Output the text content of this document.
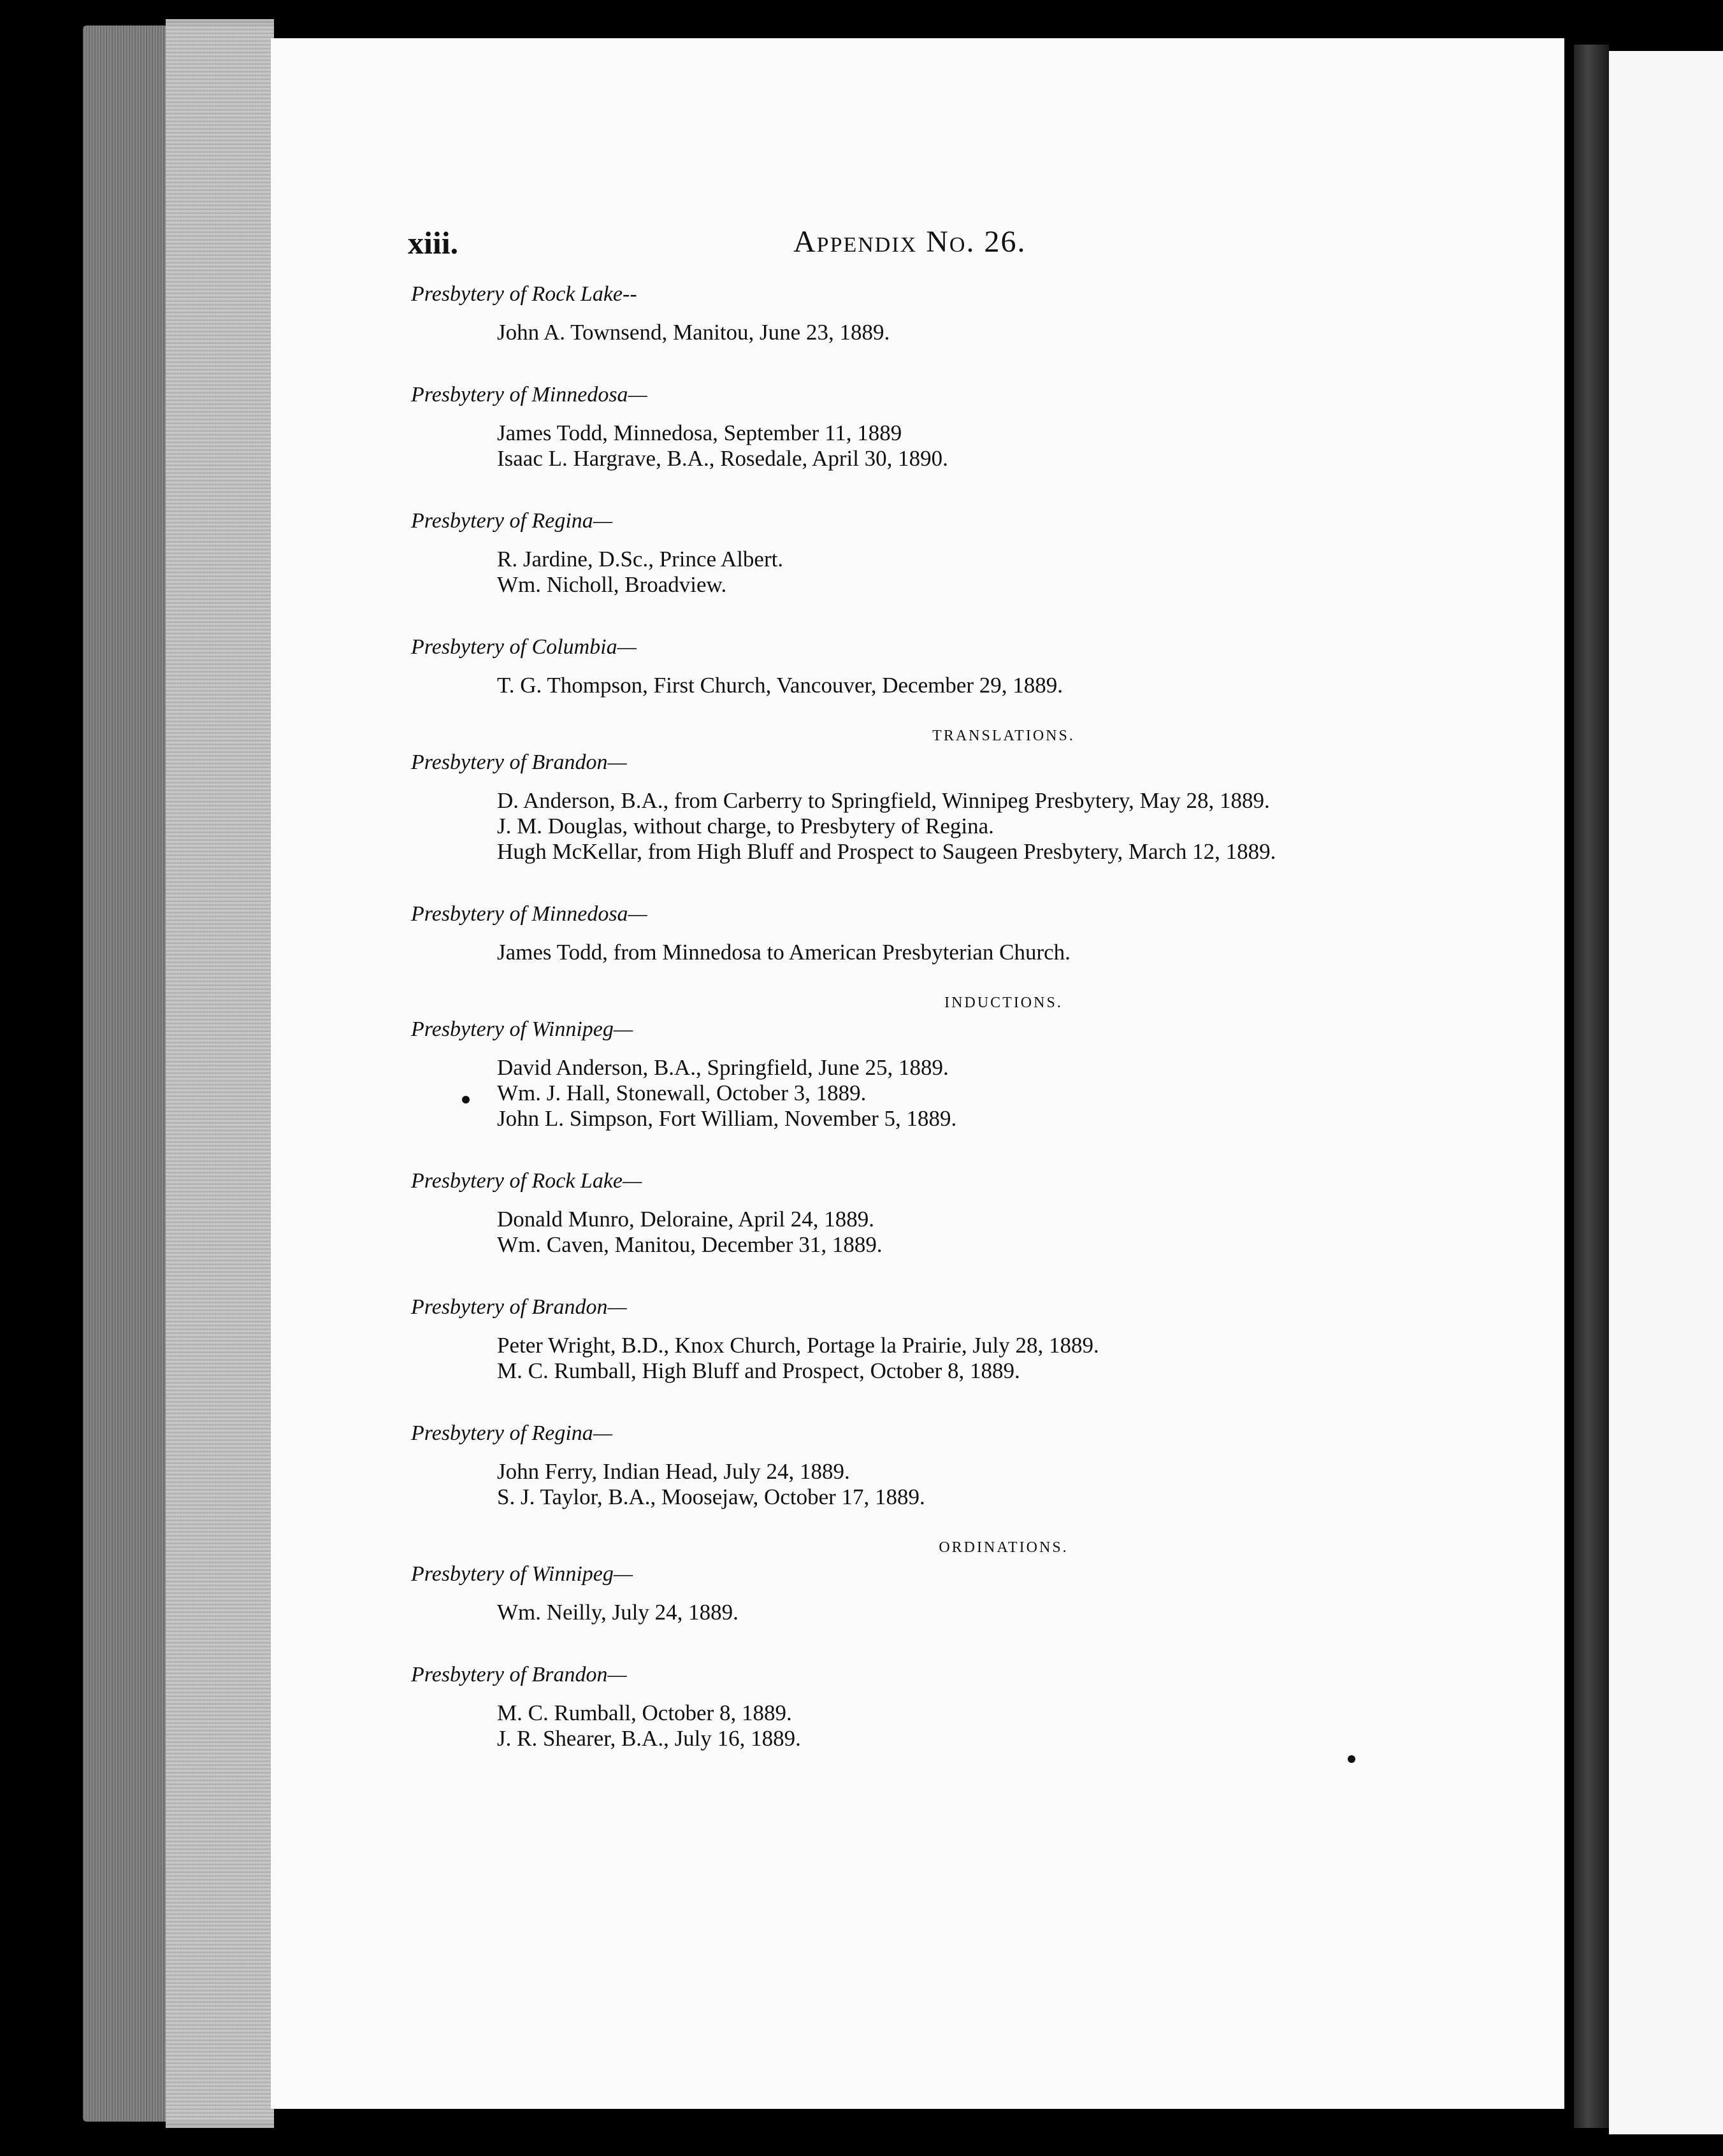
xiii.	Appendix No. 26.
Presbytery of Rock Lake--
John A. Townsend, Manitou, June 23, 1889.
Presbytery of Minnedosa—
James Todd, Minnedosa, September 11, 1889
Isaac L. Hargrave, B.A., Rosedale, April 30, 1890.
Presbytery of Regina—
R. Jardine, D.Sc., Prince Albert.
Wm. Nicholl, Broadview.
Presbytery of Columbia—
T. G. Thompson, First Church, Vancouver, December 29, 1889.
TRANSLATIONS.
Presbytery of Brandon—
D. Anderson, B.A., from Carberry to Springfield, Winnipeg Presbytery, May 28, 1889.
J. M. Douglas, without charge, to Presbytery of Regina.
Hugh McKellar, from High Bluff and Prospect to Saugeen Presbytery, March 12, 1889.
Presbytery of Minnedosa—
James Todd, from Minnedosa to American Presbyterian Church.
INDUCTIONS.
Presbytery of Winnipeg—
David Anderson, B.A., Springfield, June 25, 1889.
Wm. J. Hall, Stonewall, October 3, 1889.
John L. Simpson, Fort William, November 5, 1889.
Presbytery of Rock Lake—
Donald Munro, Deloraine, April 24, 1889.
Wm. Caven, Manitou, December 31, 1889.
Presbytery of Brandon—
Peter Wright, B.D., Knox Church, Portage la Prairie, July 28, 1889.
M. C. Rumball, High Bluff and Prospect, October 8, 1889.
Presbytery of Regina—
John Ferry, Indian Head, July 24, 1889.
S. J. Taylor, B.A., Moosejaw, October 17, 1889.
ORDINATIONS.
Presbytery of Winnipeg—
Wm. Neilly, July 24, 1889.
Presbytery of Brandon—
M. C. Rumball, October 8, 1889.
J. R. Shearer, B.A., July 16, 1889.
